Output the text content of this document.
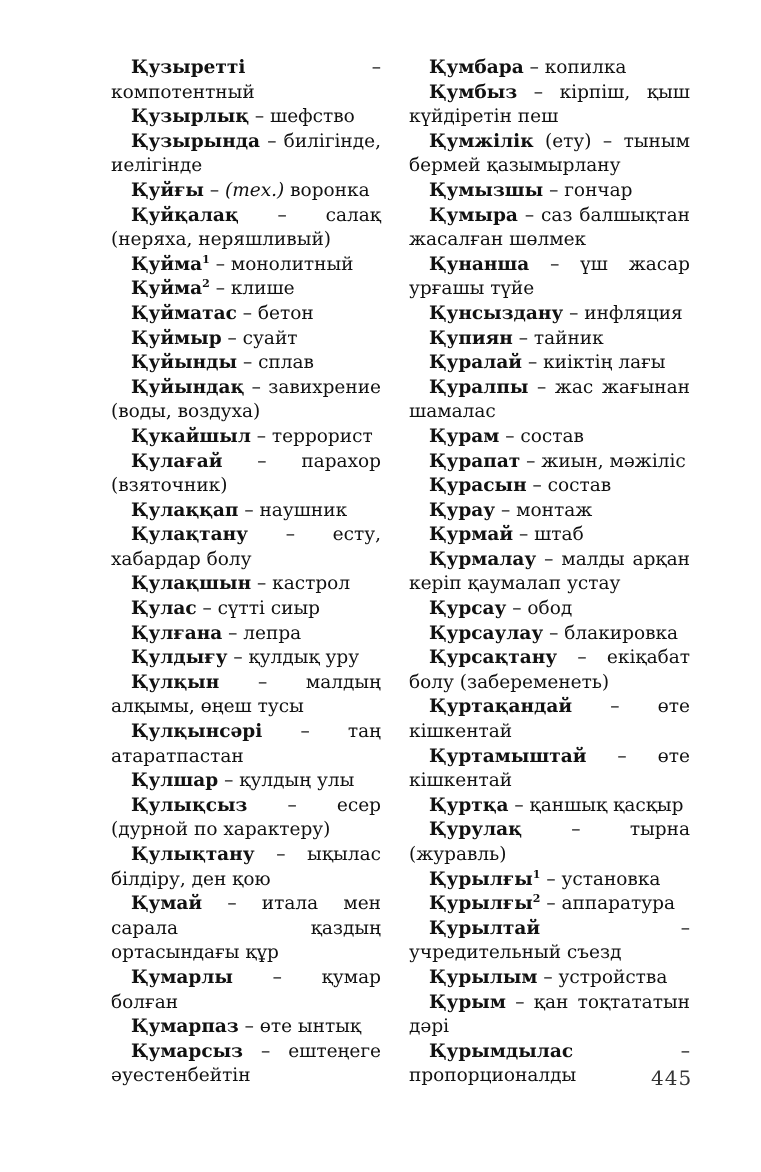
Қузыретті	– компотентный

Қузырлық – шефство

Қузырында – билігінде, иелігінде

Қуйғы – (тех.) воронка

Қуйқалақ – салақ (неряха, неряшливый)

Қуйма$^1$ – монолитный

Қуйма$^2$ – клише

Қуйматас – бетон

Қуймыр – суайт

Қуйынды – сплав

Қуйындақ – завихрение (воды, воздуха)

Қукайшыл – террорист

Қулағай – парахор (взяточник)

Қулаққап – наушник

Қулақтану – есту, хабардар болу

Қулақшын – кастрол

Қулас – сүтті сиыр

Қулғана – лепра

Қулдығу – қулдық уру

Қулқын – малдың алқымы, өңеш тусы

Қулқынсәрі – таң атаратпастан

Қулшар – қулдың улы

Қулықсыз – есер (дурной по характеру)

Қулықтану – ықылас білдіру, ден қою

Қумай – итала мен сарала қаздың ортасындағы құр

Қумарлы – қумар болған

Қумарпаз – өте ынтық

Қумарсыз – ештеңеге әуестенбейтін

Қумбара – копилка

Қумбыз – кірпіш, қыш күйдіретін пеш

Қумжілік (ету) – тыным бермей қазымырлану

Қумызшы – гончар

Қумыра – саз балшықтан жасалған шөлмек

Қунанша – үш жасар урғашы түйе

Қунсыздану – инфляция

Қупиян – тайник

Қуралай – киіктің лағы

Қуралпы – жас жағынан шамалас

Қурам – состав

Қурапат – жиын, мәжіліс

Қурасын – состав

Қурау – монтаж

Қурмай – штаб

Қурмалау – малды арқан керіп қаумалап устау

Қурсау – обод

Қурсаулау – блакировка

Қурсақтану – екіқабат болу (забеременеть)

Қуртақандай – өте кішкентай

Қуртамыштай – өте кішкентай

Қуртқа – қаншық қасқыр

Қурулақ	– тырна (журавль)

Қурылғы$^1$ – установка

Қурылғы$^2$ – аппаратура

Қурылтай	– учредительный съезд

Қурылым – устройства

Қурым – қан тоқтататын дәрі

Қурымдылас	– пропорционалды	445
